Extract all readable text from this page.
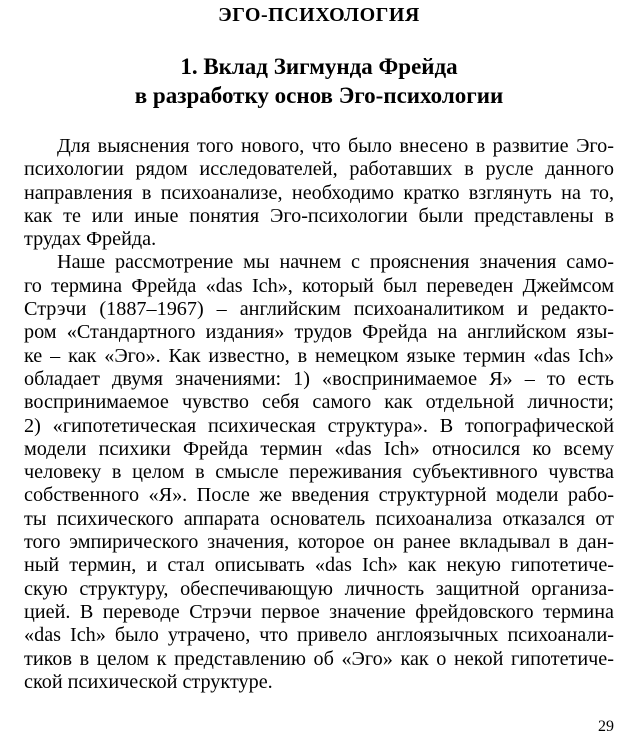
ЭГО-ПСИХОЛОГИЯ
1. Вклад Зигмунда Фрейда
в разработку основ Эго-психологии
Для выяснения того нового, что было внесено в развитие Эго-
психологии рядом исследователей, работавших в русле данного
направления в психоанализе, необходимо кратко взглянуть на то,
как те или иные понятия Эго-психологии были представлены в
трудах Фрейда.
Наше рассмотрение мы начнем с прояснения значения само-
го термина Фрейда «das Ich», который был переведен Джеймсом
Стрэчи (1887–1967) – английским психоаналитиком и редакто-
ром «Стандартного издания» трудов Фрейда на английском язы-
ке – как «Эго». Как известно, в немецком языке термин «das Ich»
обладает двумя значениями: 1) «воспринимаемое Я» – то есть
воспринимаемое чувство себя самого как отдельной личности;
2) «гипотетическая психическая структура». В топографической
модели психики Фрейда термин «das Ich» относился ко всему
человеку в целом в смысле переживания субъективного чувства
собственного «Я». После же введения структурной модели рабо-
ты психического аппарата основатель психоанализа отказался от
того эмпирического значения, которое он ранее вкладывал в дан-
ный термин, и стал описывать «das Ich» как некую гипотетиче-
скую структуру, обеспечивающую личность защитной организа-
цией. В переводе Стрэчи первое значение фрейдовского термина
«das Ich» было утрачено, что привело англоязычных психоанали-
тиков в целом к представлению об «Эго» как о некой гипотетиче-
ской психической структуре.
29
